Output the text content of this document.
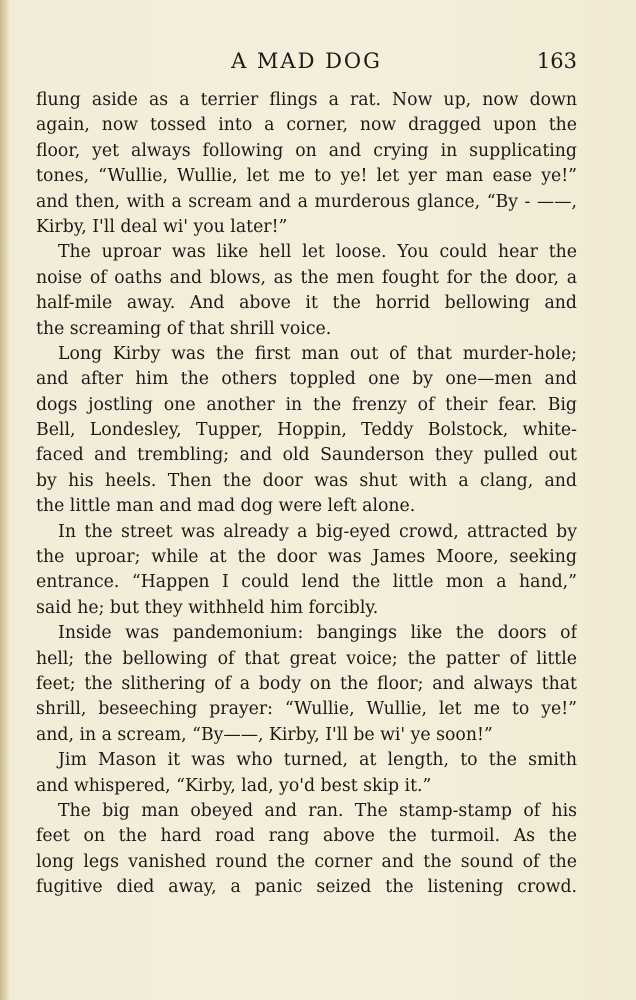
A MAD DOG	163
flung aside as a terrier flings a rat. Now up, now down
again, now tossed into a corner, now dragged upon the
floor, yet always following on and crying in supplicating
tones, “Wullie, Wullie, let me to ye! let yer man ease ye!”
and then, with a scream and a murderous glance, “By - ——,
Kirby, I'll deal wi' you later!”
The uproar was like hell let loose. You could hear the
noise of oaths and blows, as the men fought for the door, a
half-mile away. And above it the horrid bellowing and
the screaming of that shrill voice.
Long Kirby was the first man out of that murder-hole;
and after him the others toppled one by one—men and
dogs jostling one another in the frenzy of their fear. Big
Bell, Londesley, Tupper, Hoppin, Teddy Bolstock, white-
faced and trembling; and old Saunderson they pulled out
by his heels. Then the door was shut with a clang, and
the little man and mad dog were left alone.
In the street was already a big-eyed crowd, attracted by
the uproar; while at the door was James Moore, seeking
entrance. “Happen I could lend the little mon a hand,”
said he; but they withheld him forcibly.
Inside was pandemonium: bangings like the doors of
hell; the bellowing of that great voice; the patter of little
feet; the slithering of a body on the floor; and always that
shrill, beseeching prayer: “Wullie, Wullie, let me to ye!”
and, in a scream, “By——, Kirby, I'll be wi' ye soon!”
Jim Mason it was who turned, at length, to the smith
and whispered, “Kirby, lad, yo'd best skip it.”
The big man obeyed and ran. The stamp-stamp of his
feet on the hard road rang above the turmoil. As the
long legs vanished round the corner and the sound of the
fugitive died away, a panic seized the listening crowd.
